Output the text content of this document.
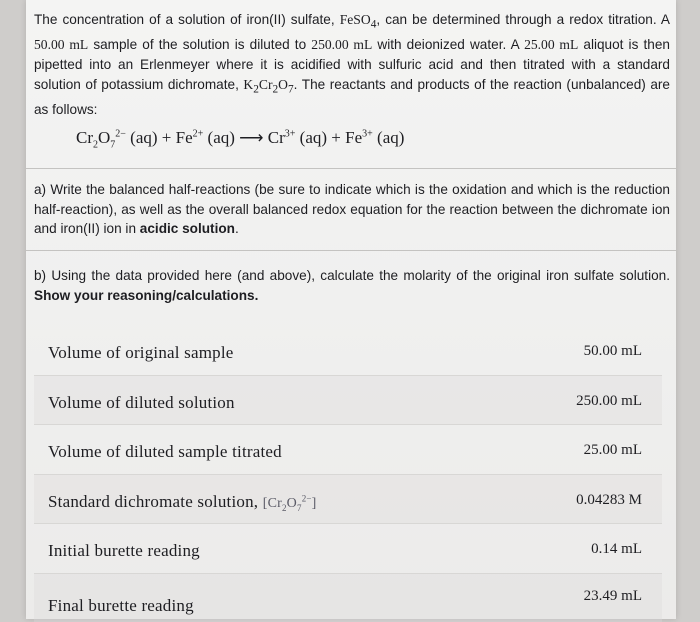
The concentration of a solution of iron(II) sulfate, FeSO$_4$, can be determined through a redox titration. A 50.00 mL sample of the solution is diluted to 250.00 mL with deionized water. A 25.00 mL aliquot is then pipetted into an Erlenmeyer where it is acidified with sulfuric acid and then titrated with a standard solution of potassium dichromate, $K_2Cr_2O_7$. The reactants and products of the reaction (unbalanced) are as follows:
$Cr_2O_7^{2-}$ $(aq) + Fe^{2+}$ (aq) ⟶ $Cr^{3+}$ $(aq) + Fe^{3+}$ (aq)
a) Write the balanced half-reactions (be sure to indicate which is the oxidation and which is the reduction half-reaction), as well as the overall balanced redox equation for the reaction between the dichromate ion and iron(II) ion in acidic solution.
b) Using the data provided here (and above), calculate the molarity of the original iron sulfate solution. Show your reasoning/calculations.
Volume of original sample	50.00 mL
Volume of diluted solution	250.00 mL
Volume of diluted sample titrated	25.00 mL
Standard dichromate solution, $[Cr_2O_7^{2-}]$	0.04283 M
Initial burette reading	0.14 mL
Final burette reading	23.49 mL
